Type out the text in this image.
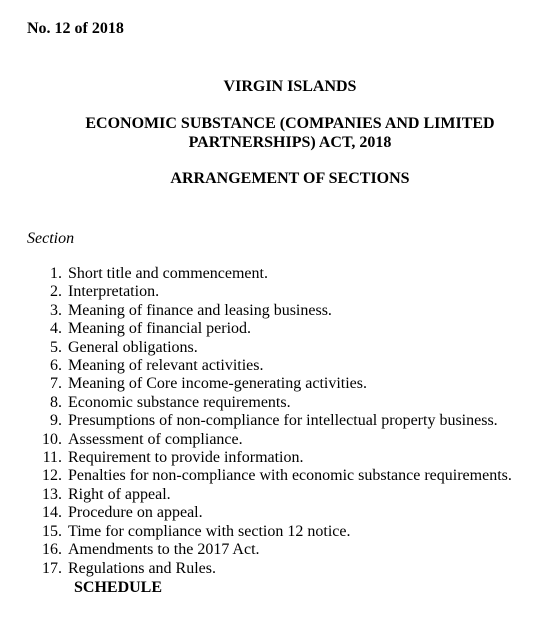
No. 12 of 2018
VIRGIN ISLANDS
ECONOMIC SUBSTANCE (COMPANIES AND LIMITED
PARTNERSHIPS) ACT, 2018
ARRANGEMENT OF SECTIONS
Section
1. Short title and commencement.
2. Interpretation.
3. Meaning of finance and leasing business.
4. Meaning of financial period.
5. General obligations.
6. Meaning of relevant activities.
7. Meaning of Core income-generating activities.
8. Economic substance requirements.
9. Presumptions of non-compliance for intellectual property business.
10. Assessment of compliance.
11. Requirement to provide information.
12. Penalties for non-compliance with economic substance requirements.
13. Right of appeal.
14. Procedure on appeal.
15. Time for compliance with section 12 notice.
16. Amendments to the 2017 Act.
17. Regulations and Rules.
SCHEDULE
